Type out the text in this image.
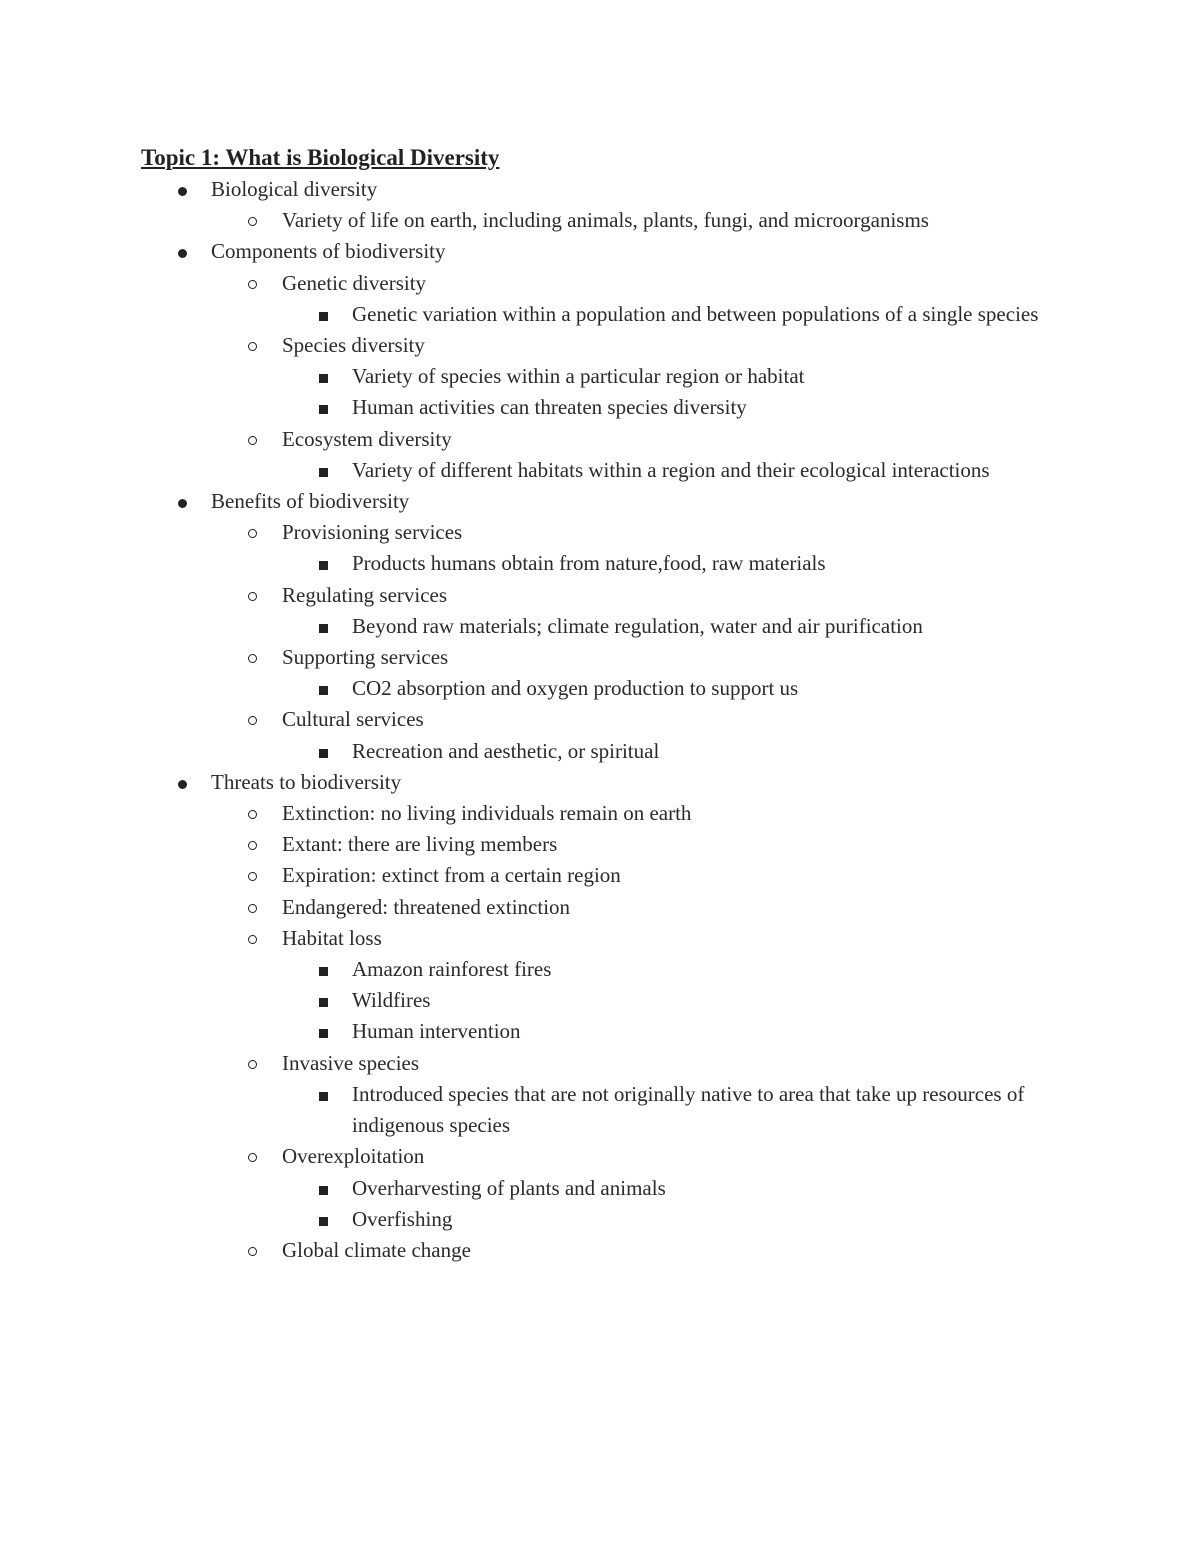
Topic 1: What is Biological Diversity
Biological diversity
Variety of life on earth, including animals, plants, fungi, and microorganisms
Components of biodiversity
Genetic diversity
Genetic variation within a population and between populations of a single species
Species diversity
Variety of species within a particular region or habitat
Human activities can threaten species diversity
Ecosystem diversity
Variety of different habitats within a region and their ecological interactions
Benefits of biodiversity
Provisioning services
Products humans obtain from nature,food, raw materials
Regulating services
Beyond raw materials; climate regulation, water and air purification
Supporting services
CO2 absorption and oxygen production to support us
Cultural services
Recreation and aesthetic, or spiritual
Threats to biodiversity
Extinction: no living individuals remain on earth
Extant: there are living members
Expiration: extinct from a certain region
Endangered: threatened extinction
Habitat loss
Amazon rainforest fires
Wildfires
Human intervention
Invasive species
Introduced species that are not originally native to area that take up resources of indigenous species
Overexploitation
Overharvesting of plants and animals
Overfishing
Global climate change
